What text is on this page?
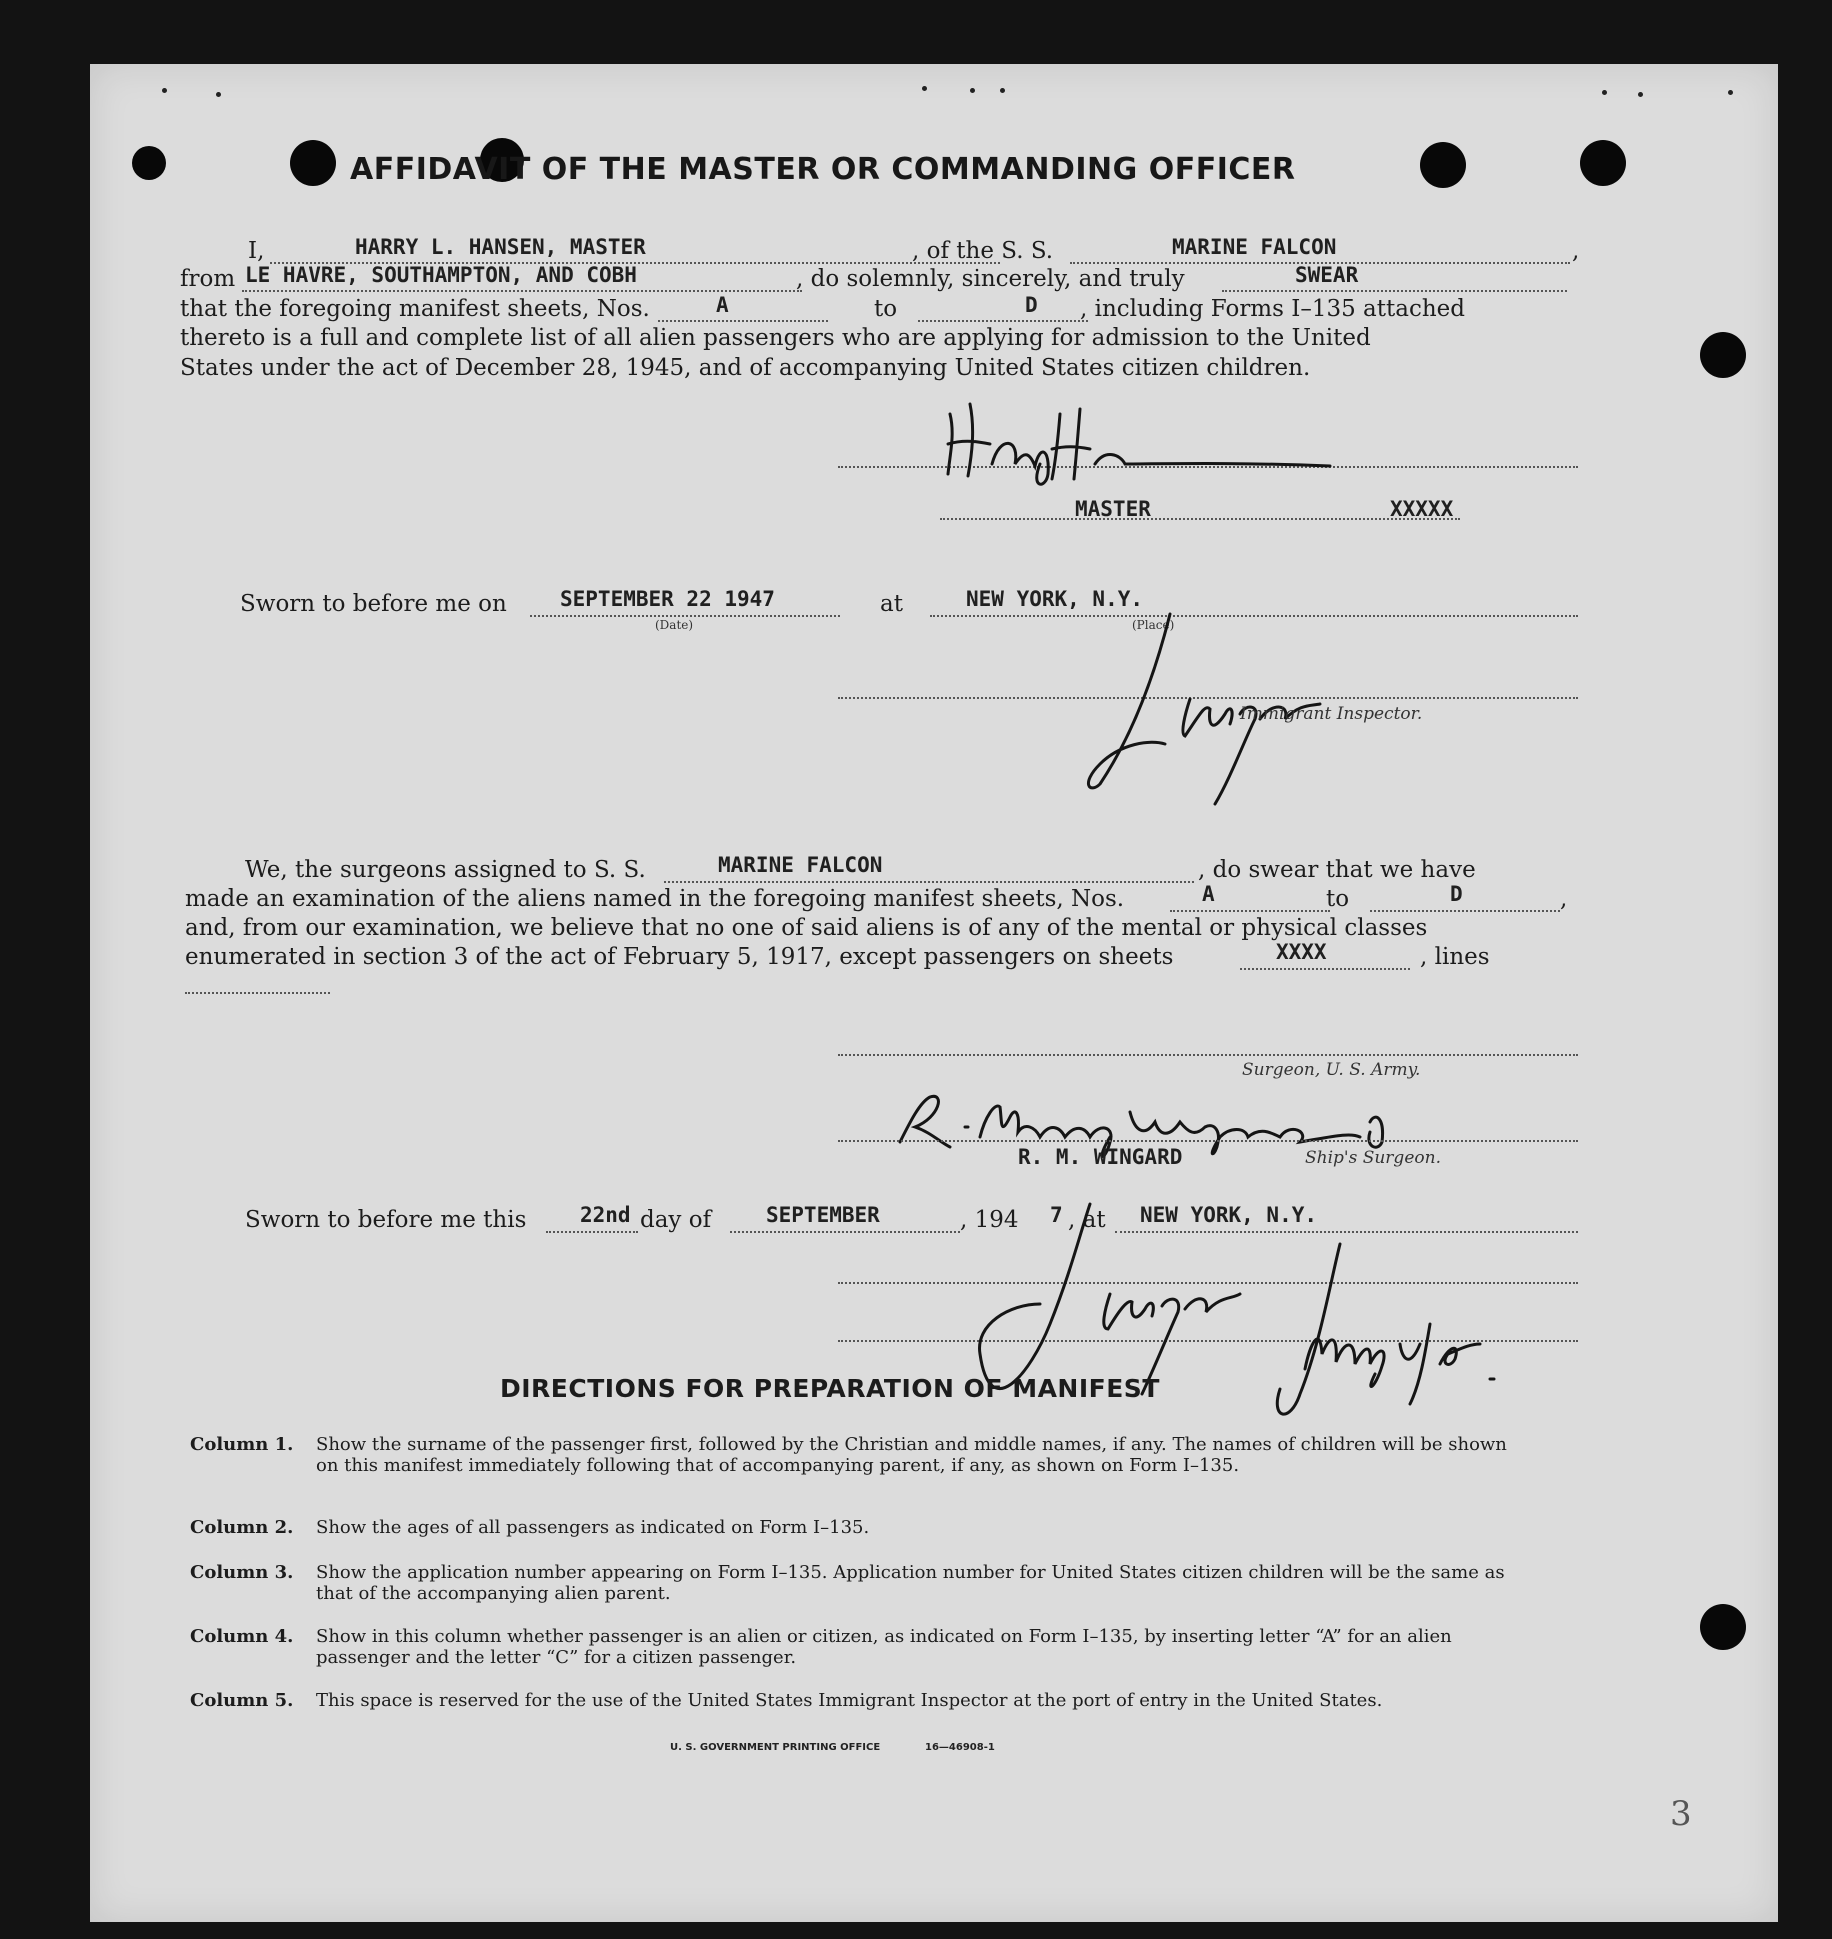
AFFIDAVIT OF THE MASTER OR COMMANDING OFFICER
I,	HARRY L. HANSEN, MASTER	, of the S. S.	MARINE FALCON	,
from LE HAVRE, SOUTHAMPTON, AND COBH	, do solemnly, sincerely, and truly	SWEAR
that the foregoing manifest sheets, Nos.	A	to	D , including Forms I–135 attached
thereto is a full and complete list of all alien passengers who are applying for admission to the United
States under the act of December 28, 1945, and of accompanying United States citizen children.
MASTER	XXXXX
Sworn to before me on	SEPTEMBER 22 1947
(Date)
at	NEW YORK, N.Y.
(Place)
Immigrant Inspector.
We, the surgeons assigned to S. S.	MARINE FALCON	, do swear that we have
made an examination of the aliens named in the foregoing manifest sheets, Nos.	A	to	D	,
and, from our examination, we believe that no one of said aliens is of any of the mental or physical classes
enumerated in section 3 of the act of February 5, 1917, except passengers on sheets	XXXX	, lines
Surgeon, U. S. Army.
R. M. WINGARD	Ship's Surgeon.
Sworn to before me this	22nd day of	SEPTEMBER	, 194 7 , at NEW YORK, N.Y.
DIRECTIONS FOR PREPARATION OF MANIFEST
Column 1. Show the surname of the passenger first, followed by the Christian and middle names, if any. The names of children will be shown on this manifest immediately following that of accompanying parent, if any, as shown on Form I–135.
Column 2. Show the ages of all passengers as indicated on Form I–135.
Column 3. Show the application number appearing on Form I–135. Application number for United States citizen children will be the same as that of the accompanying alien parent.
Column 4. Show in this column whether passenger is an alien or citizen, as indicated on Form I–135, by inserting letter “A” for an alien passenger and the letter “C” for a citizen passenger.
Column 5. This space is reserved for the use of the United States Immigrant Inspector at the port of entry in the United States.
U. S. GOVERNMENT PRINTING OFFICE	16—46908-1
3
